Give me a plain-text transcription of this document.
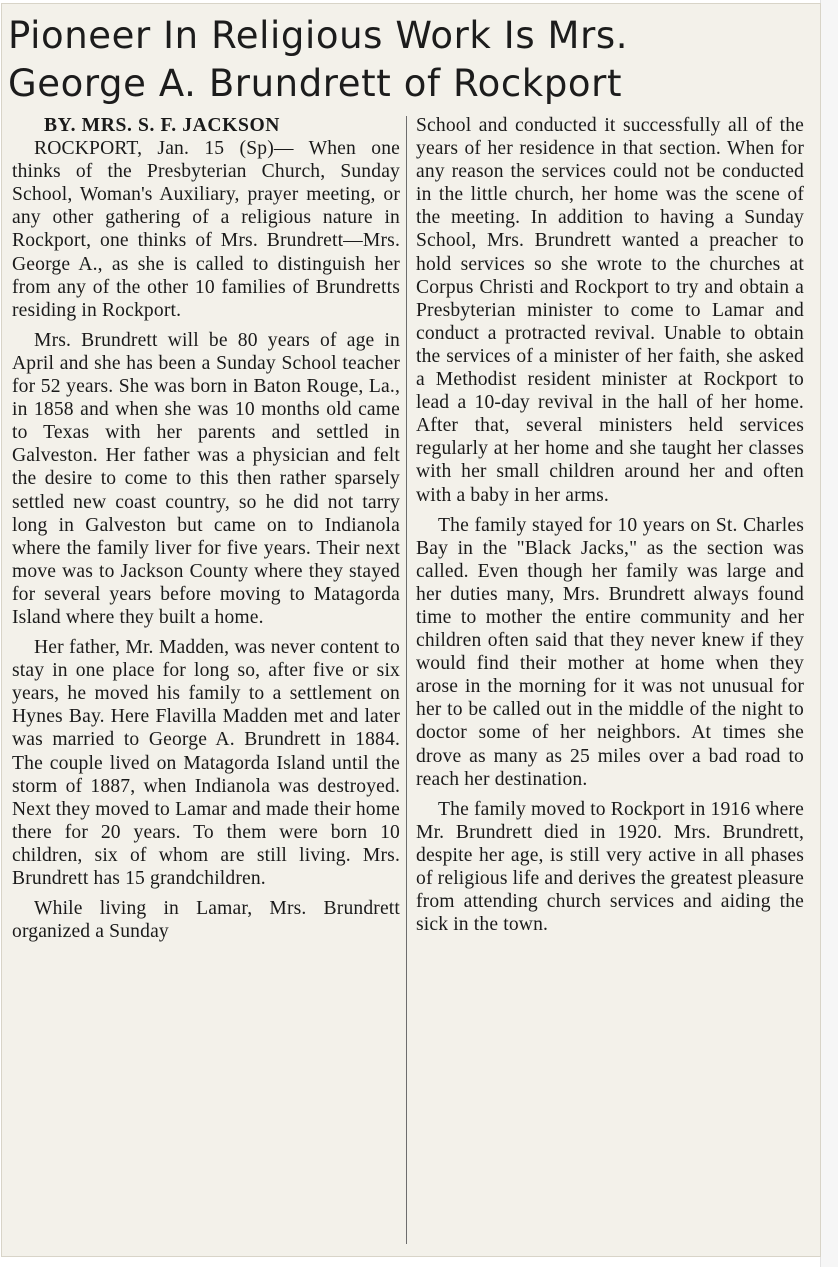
Pioneer In Religious Work Is Mrs.
George A. Brundrett of Rockport
BY. MRS. S. F. JACKSON

ROCKPORT, Jan. 15 (Sp)— When one thinks of the Presbyterian Church, Sunday School, Woman's Auxiliary, prayer meeting, or any other gathering of a religious nature in Rockport, one thinks of Mrs. Brundrett—Mrs. George A., as she is called to distinguish her from any of the other 10 families of Brundretts residing in Rockport.

Mrs. Brundrett will be 80 years of age in April and she has been a Sunday School teacher for 52 years. She was born in Baton Rouge, La., in 1858 and when she was 10 months old came to Texas with her parents and settled in Galveston. Her father was a physician and felt the desire to come to this then rather sparsely settled new coast country, so he did not tarry long in Galveston but came on to Indianola where the family liver for five years. Their next move was to Jackson County where they stayed for several years before moving to Matagorda Island where they built a home.

Her father, Mr. Madden, was never content to stay in one place for long so, after five or six years, he moved his family to a settlement on Hynes Bay. Here Flavilla Madden met and later was married to George A. Brundrett in 1884. The couple lived on Matagorda Island until the storm of 1887, when Indianola was destroyed. Next they moved to Lamar and made their home there for 20 years. To them were born 10 children, six of whom are still living. Mrs. Brundrett has 15 grandchildren.

While living in Lamar, Mrs. Brundrett organized a Sunday

School and conducted it successfully all of the years of her residence in that section. When for any reason the services could not be conducted in the little church, her home was the scene of the meeting. In addition to having a Sunday School, Mrs. Brundrett wanted a preacher to hold services so she wrote to the churches at Corpus Christi and Rockport to try and obtain a Presbyterian minister to come to Lamar and conduct a protracted revival. Unable to obtain the services of a minister of her faith, she asked a Methodist resident minister at Rockport to lead a 10-day revival in the hall of her home. After that, several ministers held services regularly at her home and she taught her classes with her small children around her and often with a baby in her arms.

The family stayed for 10 years on St. Charles Bay in the "Black Jacks," as the section was called. Even though her family was large and her duties many, Mrs. Brundrett always found time to mother the entire community and her children often said that they never knew if they would find their mother at home when they arose in the morning for it was not unusual for her to be called out in the middle of the night to doctor some of her neighbors. At times she drove as many as 25 miles over a bad road to reach her destination.

The family moved to Rockport in 1916 where Mr. Brundrett died in 1920. Mrs. Brundrett, despite her age, is still very active in all phases of religious life and derives the greatest pleasure from attending church services and aiding the sick in the town.
